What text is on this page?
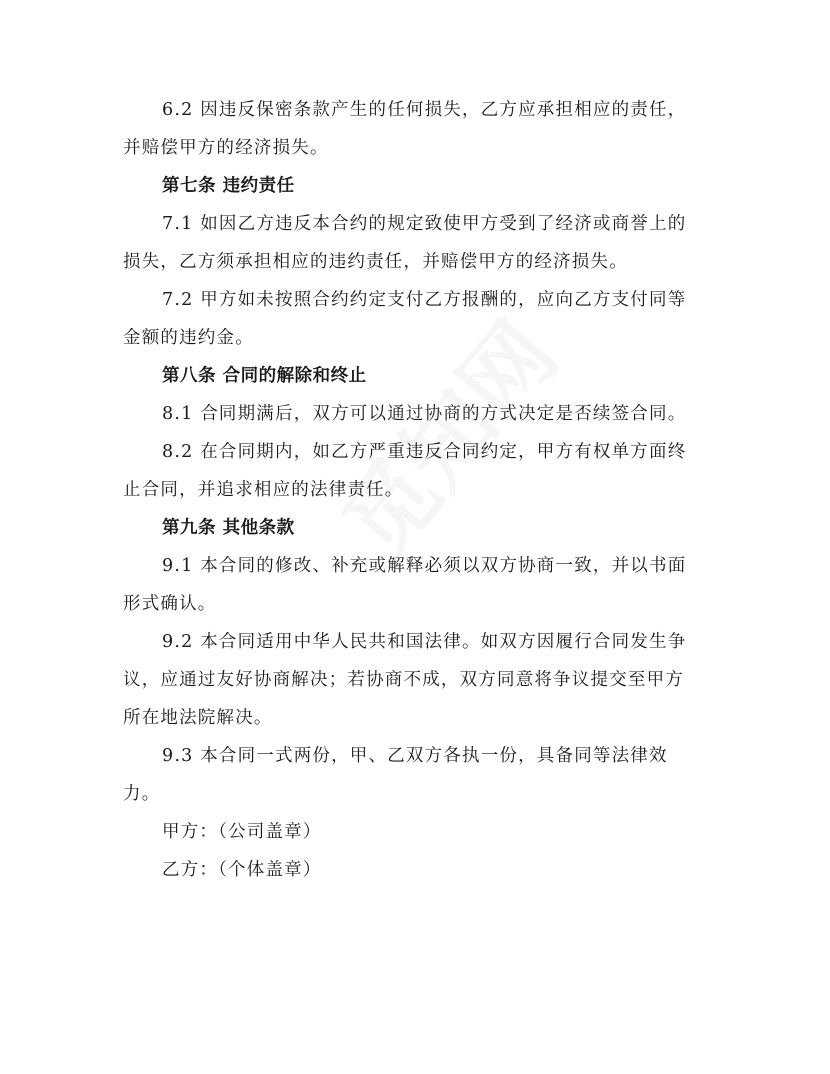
6.2 因违反保密条款产生的任何损失，乙方应承担相应的责任，
并赔偿甲方的经济损失。
第七条 违约责任
7.1 如因乙方违反本合约的规定致使甲方受到了经济或商誉上的
损失，乙方须承担相应的违约责任，并赔偿甲方的经济损失。
7.2 甲方如未按照合约约定支付乙方报酬的，应向乙方支付同等
金额的违约金。
第八条 合同的解除和终止
8.1 合同期满后，双方可以通过协商的方式决定是否续签合同。
8.2 在合同期内，如乙方严重违反合同约定，甲方有权单方面终
止合同，并追求相应的法律责任。
第九条 其他条款
9.1 本合同的修改、补充或解释必须以双方协商一致，并以书面
形式确认。
9.2 本合同适用中华人民共和国法律。如双方因履行合同发生争
议，应通过友好协商解决；若协商不成，双方同意将争议提交至甲方
所在地法院解决。
9.3 本合同一式两份，甲、乙双方各执一份，具备同等法律效
力。
甲方：（公司盖章）
乙方：（个体盖章）
